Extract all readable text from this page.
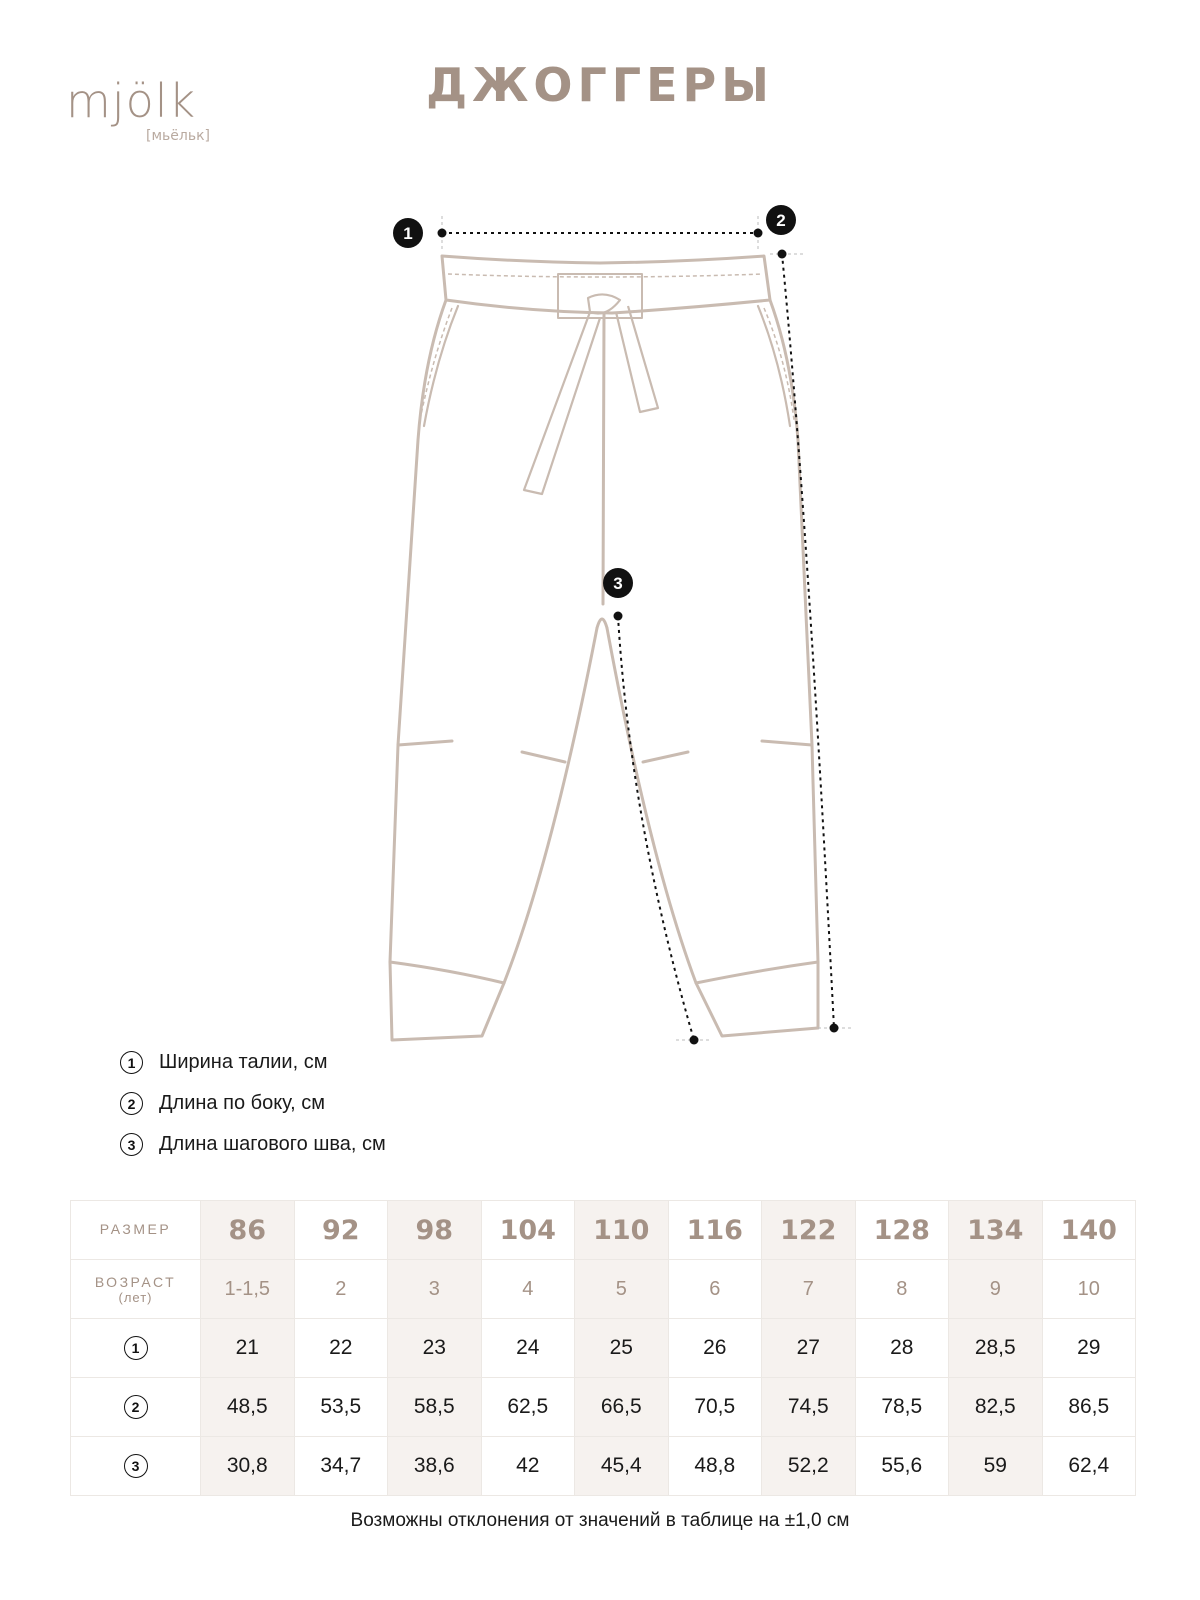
mjölk
[мьёльк]
ДЖОГГЕРЫ
1
2
3
1	Ширина талии, см
2	Длина по боку, см
3	Длина шагового шва, см
РАЗМЕР	86	92	98	104	110	116	122	128	134	140

ВОЗРАСТ
(лет)	1-1,5	2	3	4	5	6	7	8	9	10
1	21	22	23	24	25	26	27	28	28,5	29
2	48,5	53,5	58,5	62,5	66,5	70,5	74,5	78,5	82,5	86,5
3	30,8	34,7	38,6	42	45,4	48,8	52,2	55,6	59	62,4
Возможны отклонения от значений в таблице на ±1,0 см
